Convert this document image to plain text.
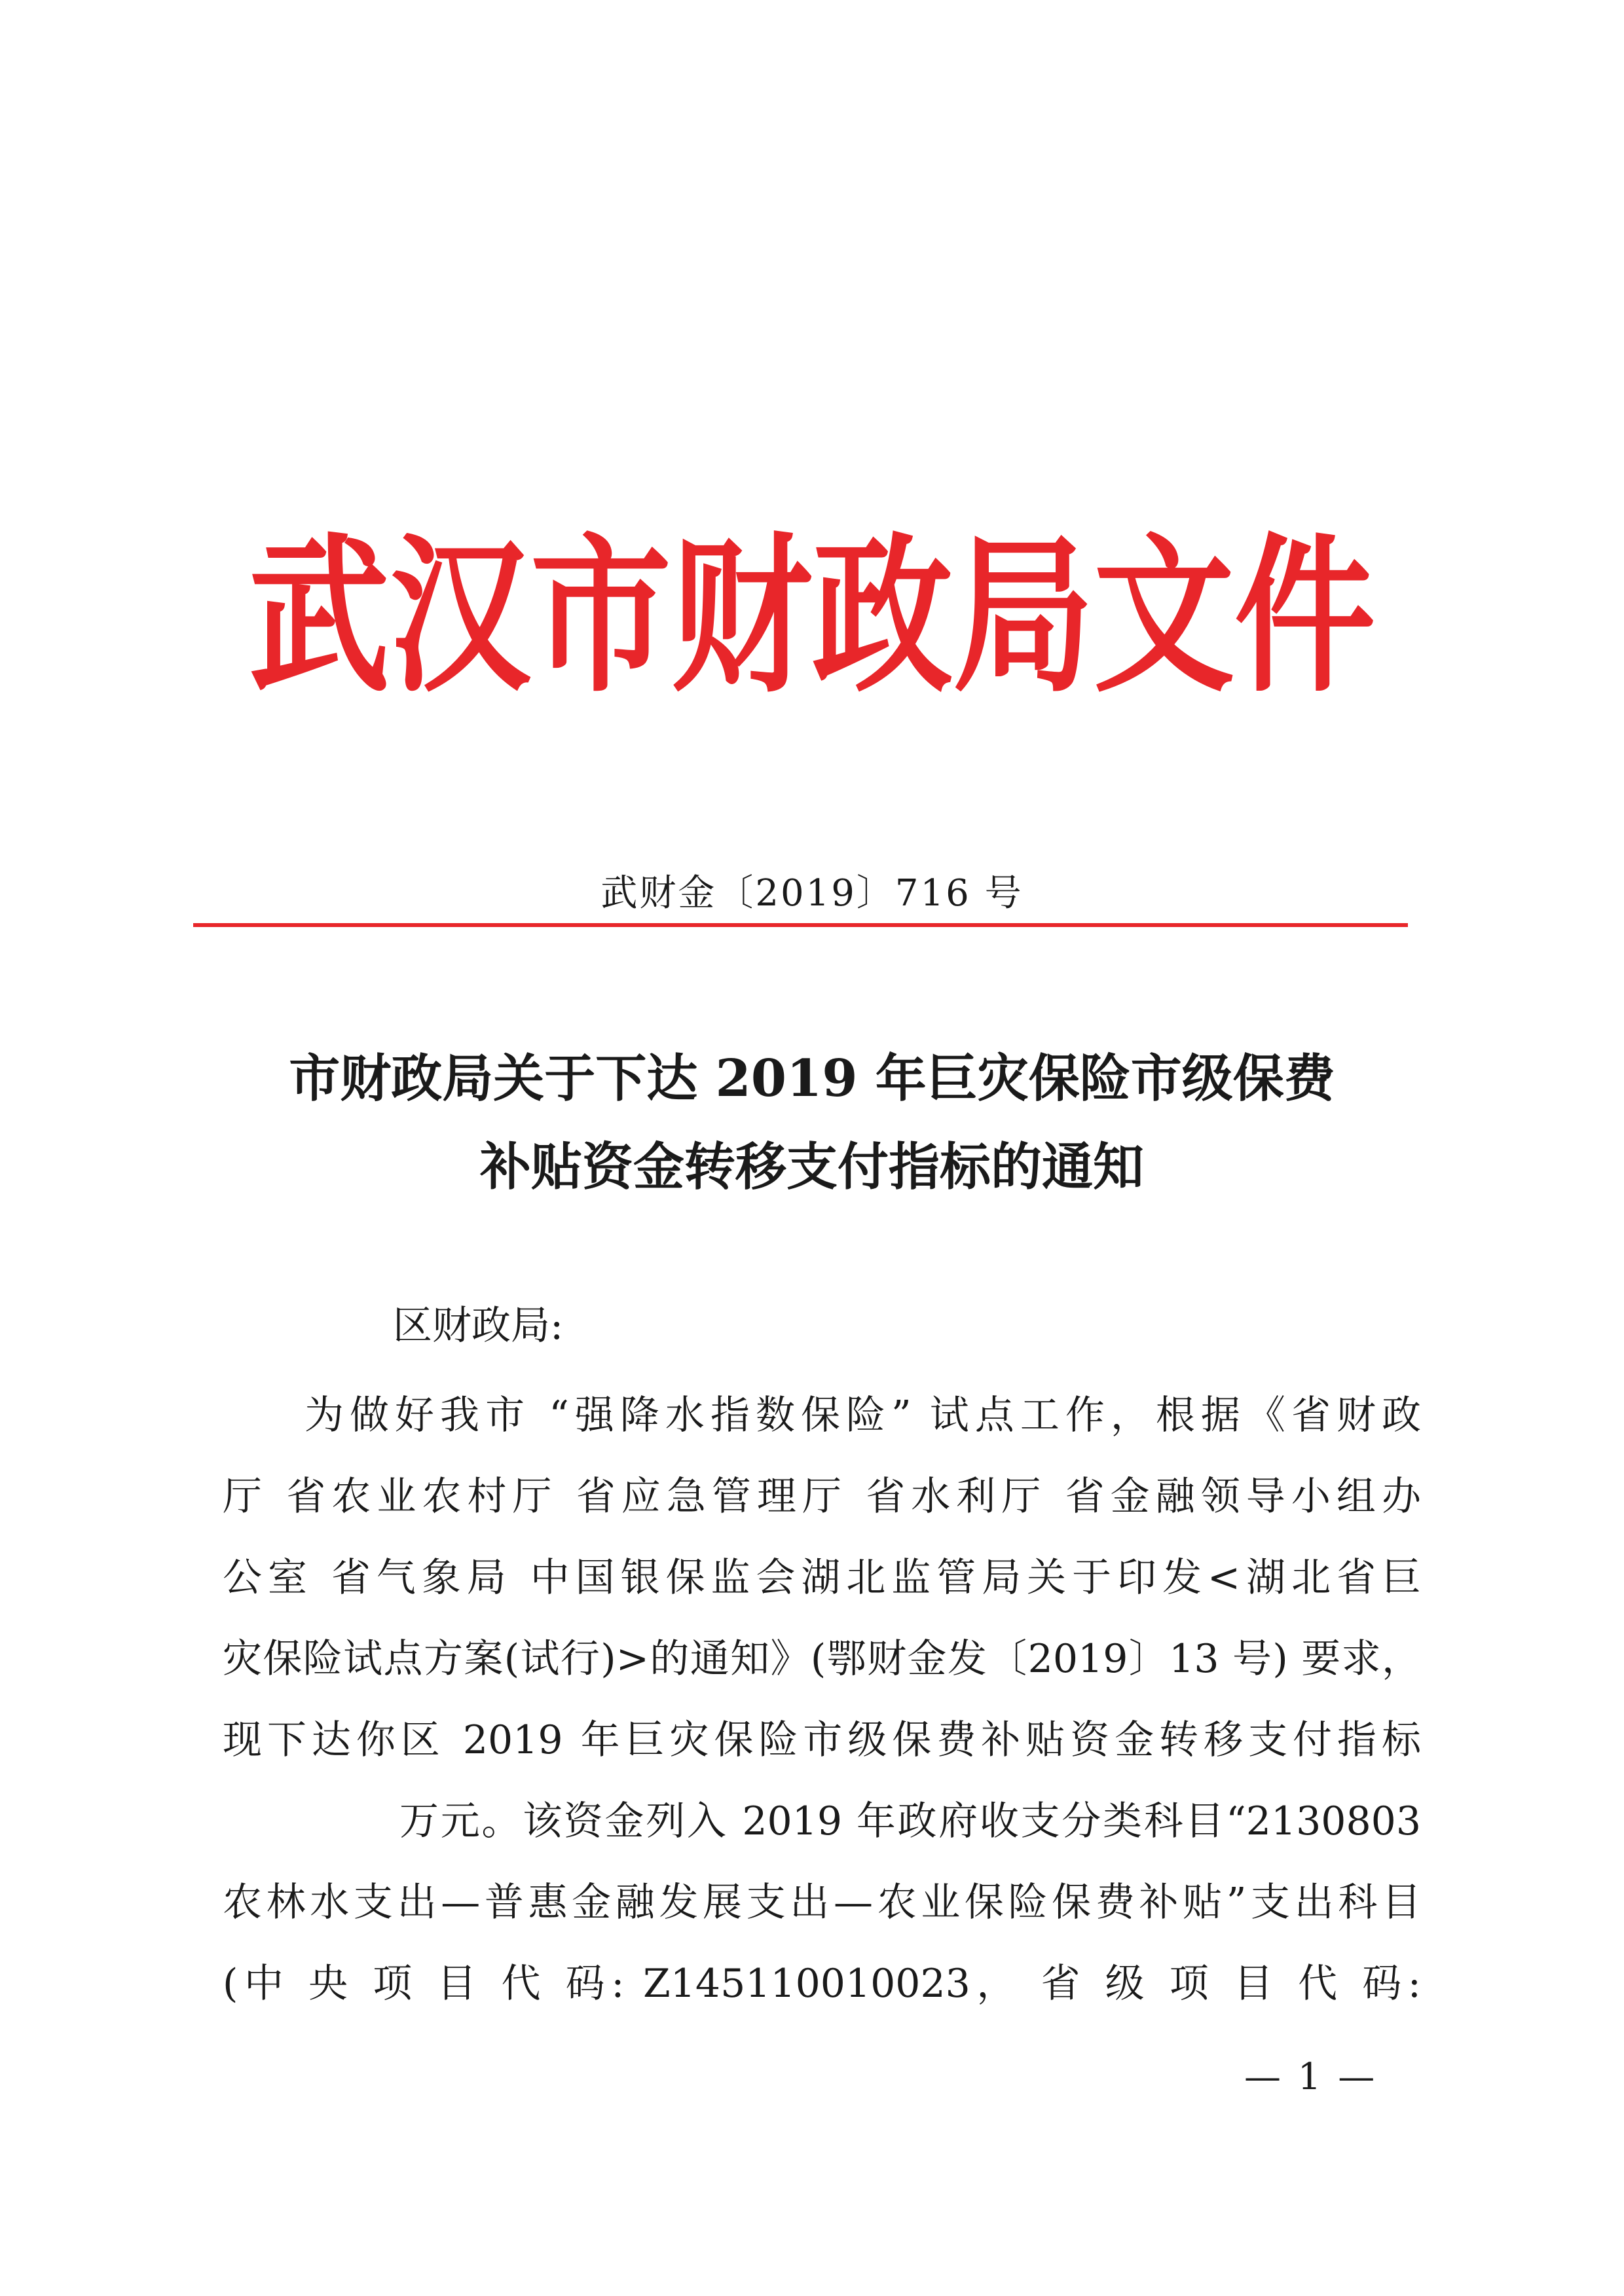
武 汉 市 财 政 局 文 件
武财金〔2019〕716 号
市财政局关于下达 2019 年巨灾保险市级保费
补贴资金转移支付指标的通知
区财政局:
为做好我市 “强降水指数保险” 试点工作，根据《省财政
厅 省农业农村厅 省应急管理厅 省水利厅 省金融领导小组办
公室 省气象局 中国银保监会湖北监管局关于印发<湖北省巨
灾保险试点方案(试行)>的通知》(鄂财金发〔2019〕13 号) 要求，
现下达你区 2019 年巨灾保险市级保费补贴资金转移支付指标
万元。该资金列入 2019 年政府收支分类科目“2130803
农林水支出—普惠金融发展支出—农业保险保费补贴”支出科目
(中 央 项 目 代 码: Z145110010023， 省 级 项 目 代 码:
— 1 —
